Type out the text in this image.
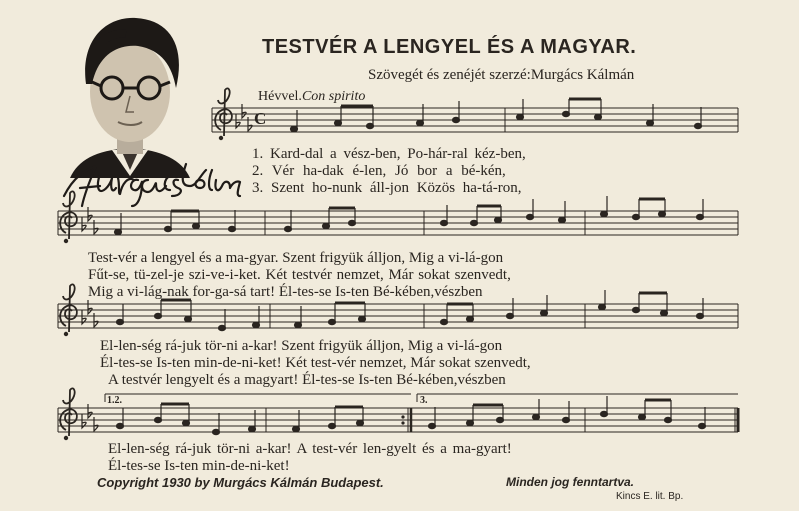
TESTVÉR A LENGYEL ÉS A MAGYAR.
Szövegét és zenéjét szerzé:Murgács Kálmán
Hévvel.Con spirito
C
1.2.	3.
1. Kard-dal a vész-ben, Po-hár-ral kéz-ben,
2. Vér ha-dak é-len, Jó bor a bé-kén,
3. Szent ho-nunk áll-jon Közös ha-tá-ron,
Test-vér a lengyel és a ma-gyar. Szent frigyük álljon, Mig a vi-lá-gon
Fűt-se, tü-zel-je szi-ve-i-ket. Két testvér nemzet, Már sokat szenvedt,
Mig a vi-lág-nak for-ga-sá tart! Él-tes-se Is-ten Bé-kében,vészben
El-len-ség rá-juk tör-ni a-kar! Szent frigyük álljon, Mig a vi-lá-gon
Él-tes-se Is-ten min-de-ni-ket! Két test-vér nemzet, Már sokat szenvedt,
A testvér lengyelt és a magyart! Él-tes-se Is-ten Bé-kében,vészben
El-len-ség rá-juk tör-ni a-kar! A test-vér len-gyelt és a ma-gyart!
Él-tes-se Is-ten min-de-ni-ket!
Copyright 1930 by Murgács Kálmán Budapest.	Minden jog fenntartva.
Kincs E. lit. Bp.
